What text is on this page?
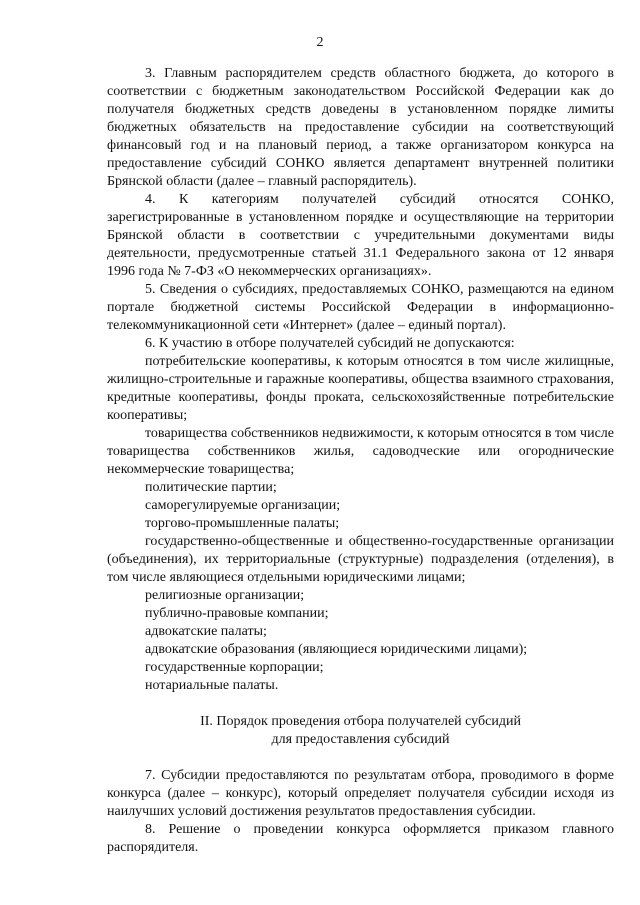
2

3. Главным распорядителем средств областного бюджета, до которого в соответствии с бюджетным законодательством Российской Федерации как до получателя бюджетных средств доведены в установленном порядке лимиты бюджетных обязательств на предоставление субсидии на соответствующий финансовый год и на плановый период, а также организатором конкурса на предоставление субсидий СОНКО является департамент внутренней политики Брянской области (далее – главный распорядитель).

4. К категориям получателей субсидий относятся СОНКО, зарегистрированные в установленном порядке и осуществляющие на территории Брянской области в соответствии с учредительными документами виды деятельности, предусмотренные статьей 31.1 Федерального закона от 12 января 1996 года № 7-ФЗ «О некоммерческих организациях».

5. Сведения о субсидиях, предоставляемых СОНКО, размещаются на едином портале бюджетной системы Российской Федерации в информационно-телекоммуникационной сети «Интернет» (далее – единый портал).

6. К участию в отборе получателей субсидий не допускаются:

потребительские кооперативы, к которым относятся в том числе жилищные, жилищно-строительные и гаражные кооперативы, общества взаимного страхования, кредитные кооперативы, фонды проката, сельскохозяйственные потребительские кооперативы;

товарищества собственников недвижимости, к которым относятся в том числе товарищества собственников жилья, садоводческие или огороднические некоммерческие товарищества;

политические партии;

саморегулируемые организации;

торгово-промышленные палаты;

государственно-общественные и общественно-государственные организации (объединения), их территориальные (структурные) подразделения (отделения), в том числе являющиеся отдельными юридическими лицами;

религиозные организации;

публично-правовые компании;

адвокатские палаты;

адвокатские образования (являющиеся юридическими лицами);

государственные корпорации;

нотариальные палаты.

II. Порядок проведения отбора получателей субсидий
для предоставления субсидий

7. Субсидии предоставляются по результатам отбора, проводимого в форме конкурса (далее – конкурс), который определяет получателя субсидии исходя из наилучших условий достижения результатов предоставления субсидии.

8. Решение о проведении конкурса оформляется приказом главного распорядителя.
